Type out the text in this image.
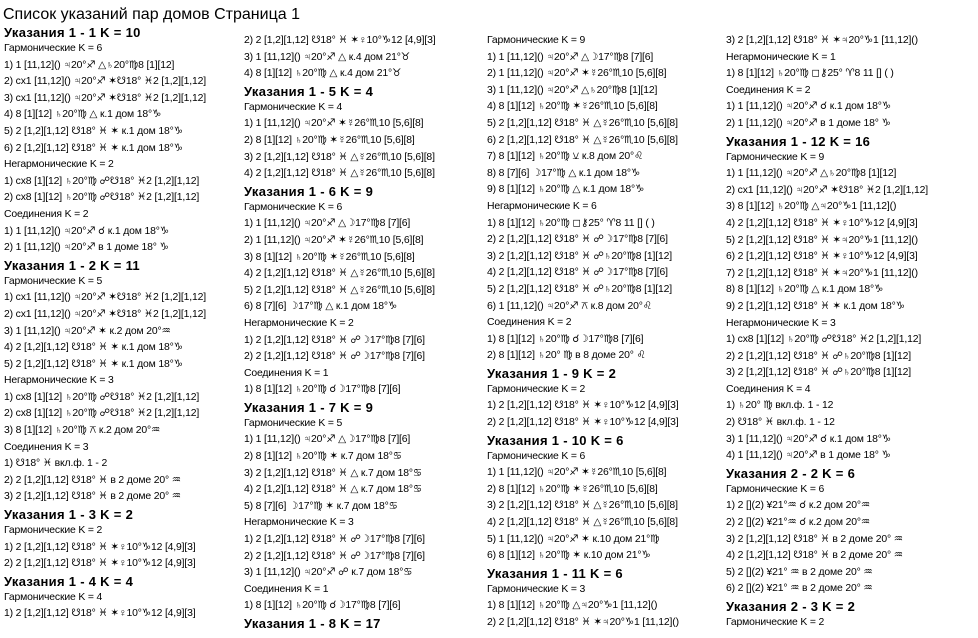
Список указаний пар домов Страница 1
Указания 1 - 1 K = 10
Гармонические K = 6
1) 1 [11,12]() ♃20°♐ △♄20°♍8 [1][12]
2) cx1 [11,12]() ♃20°♐ ✶☋18° ♓2 [1,2][1,12]
3) cx1 [11,12]() ♃20°♐ ✶☋18° ♓2 [1,2][1,12]
4) 8 [1][12] ♄20°♍ △ к.1 дом 18°♑
5) 2 [1,2][1,12] ☋18° ♓ ✶ к.1 дом 18°♑
6) 2 [1,2][1,12] ☋18° ♓ ✶ к.1 дом 18°♑
Негармонические K = 2
1) cx8 [1][12] ♄20°♍ ☍☋18° ♓2 [1,2][1,12]
2) cx8 [1][12] ♄20°♍ ☍☋18° ♓2 [1,2][1,12]
Соединения K = 2
1) 1 [11,12]() ♃20°♐ ☌ к.1 дом 18°♑
2) 1 [11,12]() ♃20°♐ в 1 доме 18° ♑
Указания 1 - 2 K = 11
Гармонические K = 5
1) cx1 [11,12]() ♃20°♐ ✶☋18° ♓2 [1,2][1,12]
2) cx1 [11,12]() ♃20°♐ ✶☋18° ♓2 [1,2][1,12]
3) 1 [11,12]() ♃20°♐ ✶ к.2 дом 20°♒
4) 2 [1,2][1,12] ☋18° ♓ ✶ к.1 дом 18°♑
5) 2 [1,2][1,12] ☋18° ♓ ✶ к.1 дом 18°♑
Негармонические K = 3
1) cx8 [1][12] ♄20°♍ ☍☋18° ♓2 [1,2][1,12]
2) cx8 [1][12] ♄20°♍ ☍☋18° ♓2 [1,2][1,12]
3) 8 [1][12] ♄20°♍ ⚻ к.2 дом 20°♒
Соединения K = 3
1) ☋18° ♓ вкл.ф. 1 - 2
2) 2 [1,2][1,12] ☋18° ♓ в 2 доме 20° ♒
3) 2 [1,2][1,12] ☋18° ♓ в 2 доме 20° ♒
Указания 1 - 3 K = 2
Гармонические K = 2
1) 2 [1,2][1,12] ☋18° ♓ ✶♀10°♑12 [4,9][3]
2) 2 [1,2][1,12] ☋18° ♓ ✶♀10°♑12 [4,9][3]
Указания 1 - 4 K = 4
Гармонические K = 4
1) 2 [1,2][1,12] ☋18° ♓ ✶♀10°♑12 [4,9][3]
2) 2 [1,2][1,12] ☋18° ♓ ✶♀10°♑12 [4,9][3]
3) 1 [11,12]() ♃20°♐ △ к.4 дом 21°♉
4) 8 [1][12] ♄20°♍ △ к.4 дом 21°♉
Указания 1 - 5 K = 4
Гармонические K = 4
1) 1 [11,12]() ♃20°♐ ✶☿26°♏10 [5,6][8]
2) 8 [1][12] ♄20°♍ ✶☿26°♏10 [5,6][8]
3) 2 [1,2][1,12] ☋18° ♓ △☿26°♏10 [5,6][8]
4) 2 [1,2][1,12] ☋18° ♓ △☿26°♏10 [5,6][8]
Указания 1 - 6 K = 9
Гармонические K = 6
1) 1 [11,12]() ♃20°♐ △☽17°♍8 [7][6]
2) 1 [11,12]() ♃20°♐ ✶☿26°♏10 [5,6][8]
3) 8 [1][12] ♄20°♍ ✶☿26°♏10 [5,6][8]
4) 2 [1,2][1,12] ☋18° ♓ △☿26°♏10 [5,6][8]
5) 2 [1,2][1,12] ☋18° ♓ △☿26°♏10 [5,6][8]
6) 8 [7][6] ☽17°♍ △ к.1 дом 18°♑
Негармонические K = 2
1) 2 [1,2][1,12] ☋18° ♓ ☍☽17°♍8 [7][6]
2) 2 [1,2][1,12] ☋18° ♓ ☍☽17°♍8 [7][6]
Соединения K = 1
1) 8 [1][12] ♄20°♍ ☌☽17°♍8 [7][6]
Указания 1 - 7 K = 9
Гармонические K = 5
1) 1 [11,12]() ♃20°♐ △☽17°♍8 [7][6]
2) 8 [1][12] ♄20°♍ ✶ к.7 дом 18°♋
3) 2 [1,2][1,12] ☋18° ♓ △ к.7 дом 18°♋
4) 2 [1,2][1,12] ☋18° ♓ △ к.7 дом 18°♋
5) 8 [7][6] ☽17°♍ ✶ к.7 дом 18°♋
Негармонические K = 3
1) 2 [1,2][1,12] ☋18° ♓ ☍☽17°♍8 [7][6]
2) 2 [1,2][1,12] ☋18° ♓ ☍☽17°♍8 [7][6]
3) 1 [11,12]() ♃20°♐ ☍ к.7 дом 18°♋
Соединения K = 1
1) 8 [1][12] ♄20°♍ ☌☽17°♍8 [7][6]
Указания 1 - 8 K = 17
Гармонические K = 9
1) 1 [11,12]() ♃20°♐ △☽17°♍8 [7][6]
2) 1 [11,12]() ♃20°♐ ✶☿26°♏10 [5,6][8]
3) 1 [11,12]() ♃20°♐ △♄20°♍8 [1][12]
4) 8 [1][12] ♄20°♍ ✶☿26°♏10 [5,6][8]
5) 2 [1,2][1,12] ☋18° ♓ △☿26°♏10 [5,6][8]
6) 2 [1,2][1,12] ☋18° ♓ △☿26°♏10 [5,6][8]
7) 8 [1][12] ♄20°♍ ⚺ к.8 дом 20°♌
8) 8 [7][6] ☽17°♍ △ к.1 дом 18°♑
9) 8 [1][12] ♄20°♍ △ к.1 дом 18°♑
Негармонические K = 6
1) 8 [1][12] ♄20°♍ ◻⚷25° ♈8 11 [] ( )
2) 2 [1,2][1,12] ☋18° ♓ ☍☽17°♍8 [7][6]
3) 2 [1,2][1,12] ☋18° ♓ ☍♄20°♍8 [1][12]
4) 2 [1,2][1,12] ☋18° ♓ ☍☽17°♍8 [7][6]
5) 2 [1,2][1,12] ☋18° ♓ ☍♄20°♍8 [1][12]
6) 1 [11,12]() ♃20°♐ ⚻ к.8 дом 20°♌
Соединения K = 2
1) 8 [1][12] ♄20°♍ ☌☽17°♍8 [7][6]
2) 8 [1][12] ♄20° ♍ в 8 доме 20° ♌
Указания 1 - 9 K = 2
Гармонические K = 2
1) 2 [1,2][1,12] ☋18° ♓ ✶♀10°♑12 [4,9][3]
2) 2 [1,2][1,12] ☋18° ♓ ✶♀10°♑12 [4,9][3]
Указания 1 - 10 K = 6
Гармонические K = 6
1) 1 [11,12]() ♃20°♐ ✶☿26°♏10 [5,6][8]
2) 8 [1][12] ♄20°♍ ✶☿26°♏10 [5,6][8]
3) 2 [1,2][1,12] ☋18° ♓ △☿26°♏10 [5,6][8]
4) 2 [1,2][1,12] ☋18° ♓ △☿26°♏10 [5,6][8]
5) 1 [11,12]() ♃20°♐ ✶ к.10 дом 21°♍
6) 8 [1][12] ♄20°♍ ✶ к.10 дом 21°♑
Указания 1 - 11 K = 6
Гармонические K = 3
1) 8 [1][12] ♄20°♍ △♃20°♑1 [11,12]()
2) 2 [1,2][1,12] ☋18° ♓ ✶♃20°♑1 [11,12]()
3) 2 [1,2][1,12] ☋18° ♓ ✶♃20°♑1 [11,12]()
Негармонические K = 1
1) 8 [1][12] ♄20°♍ ◻⚷25° ♈8 11 [] ( )
Соединения K = 2
1) 1 [11,12]() ♃20°♐ ☌ к.1 дом 18°♑
2) 1 [11,12]() ♃20°♐ в 1 доме 18° ♑
Указания 1 - 12 K = 16
Гармонические K = 9
1) 1 [11,12]() ♃20°♐ △♄20°♍8 [1][12]
2) cx1 [11,12]() ♃20°♐ ✶☋18° ♓2 [1,2][1,12]
3) 8 [1][12] ♄20°♍ △♃20°♑1 [11,12]()
4) 2 [1,2][1,12] ☋18° ♓ ✶♀10°♑12 [4,9][3]
5) 2 [1,2][1,12] ☋18° ♓ ✶♃20°♑1 [11,12]()
6) 2 [1,2][1,12] ☋18° ♓ ✶♀10°♑12 [4,9][3]
7) 2 [1,2][1,12] ☋18° ♓ ✶♃20°♑1 [11,12]()
8) 8 [1][12] ♄20°♍ △ к.1 дом 18°♑
9) 2 [1,2][1,12] ☋18° ♓ ✶ к.1 дом 18°♑
Негармонические K = 3
1) cx8 [1][12] ♄20°♍ ☍☋18° ♓2 [1,2][1,12]
2) 2 [1,2][1,12] ☋18° ♓ ☍♄20°♍8 [1][12]
3) 2 [1,2][1,12] ☋18° ♓ ☍♄20°♍8 [1][12]
Соединения K = 4
1) ♄20° ♍ вкл.ф. 1 - 12
2) ☋18° ♓ вкл.ф. 1 - 12
3) 1 [11,12]() ♃20°♐ ☌ к.1 дом 18°♑
4) 1 [11,12]() ♃20°♐ в 1 доме 18° ♑
Указания 2 - 2 K = 6
Гармонические K = 6
1) 2 [](2) ¥21°♒ ☌ к.2 дом 20°♒
2) 2 [](2) ¥21°♒ ☌ к.2 дом 20°♒
3) 2 [1,2][1,12] ☋18° ♓ в 2 доме 20° ♒
4) 2 [1,2][1,12] ☋18° ♓ в 2 доме 20° ♒
5) 2 [](2) ¥21° ♒ в 2 доме 20° ♒
6) 2 [](2) ¥21° ♒ в 2 доме 20° ♒
Указания 2 - 3 K = 2
Гармонические K = 2
